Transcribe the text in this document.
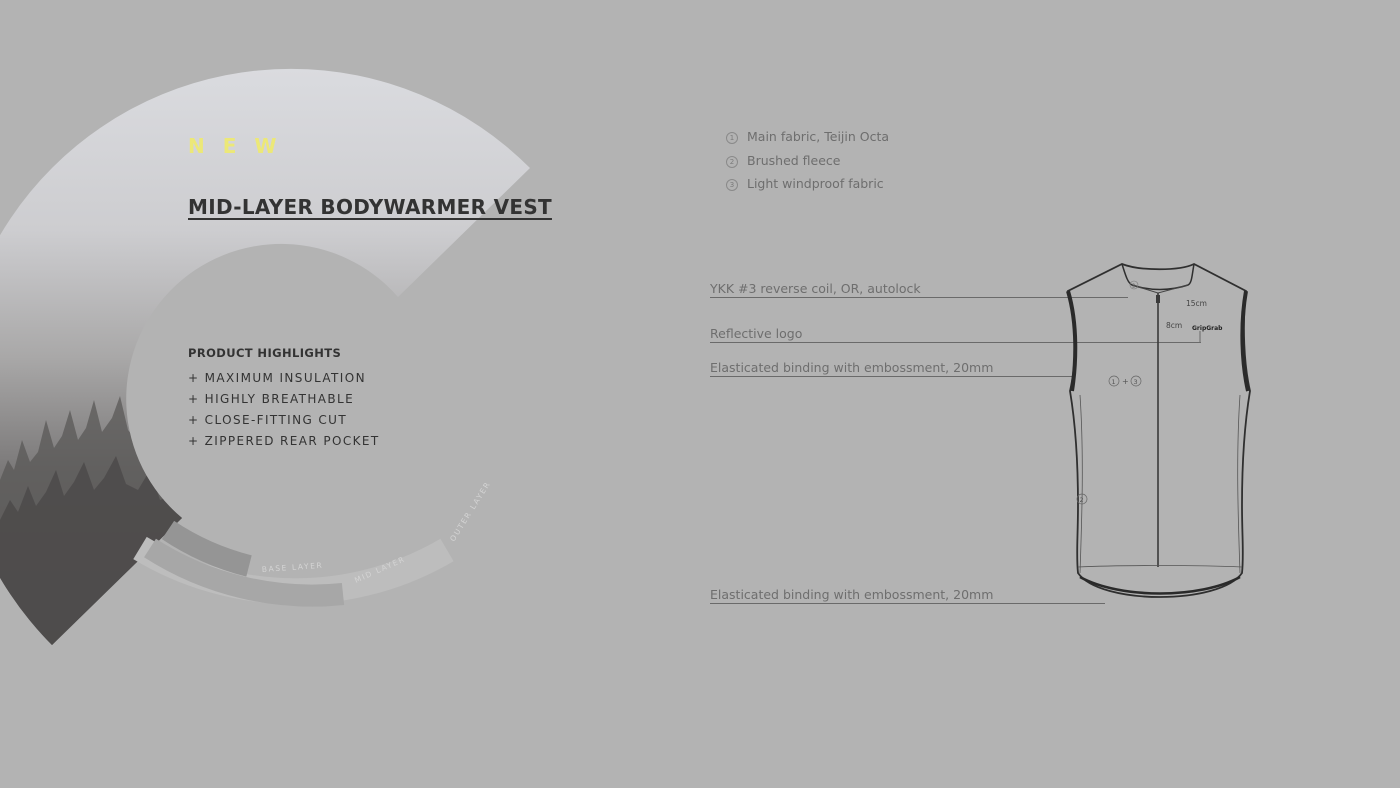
BASE LAYER	MID LAYER
OUTER LAYER
NEW
MID-LAYER BODYWARMER VEST
PRODUCT HIGHLIGHTS
+ MAXIMUM INSULATION
+ HIGHLY BREATHABLE
+ CLOSE-FITTING CUT
+ ZIPPERED REAR POCKET
1 Main fabric, Teijin Octa
2 Brushed fleece
3 Light windproof fabric
YKK #3 reverse coil, OR, autolock
Reflective logo
Elasticated binding with embossment, 20mm
Elasticated binding with embossment, 20mm
15cm
8cm GripGrab
2
1 + 3
2
